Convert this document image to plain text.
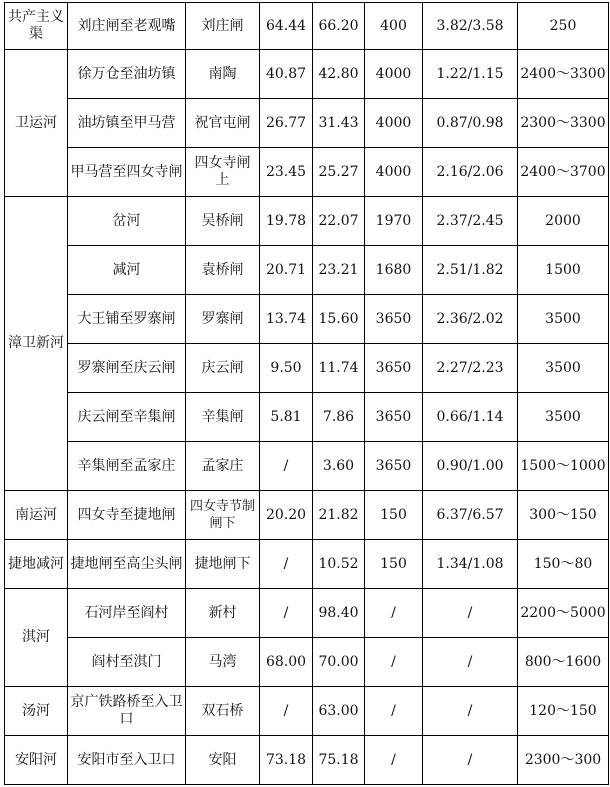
共产主义渠	刘庄闸至老观嘴	刘庄闸	64.44	66.20	400	3.82/3.58	250
卫运河	徐万仓至油坊镇	南陶	40.87	42.80	4000	1.22/1.15	2400～3300
	油坊镇至甲马营	祝官屯闸	26.77	31.43	4000	0.87/0.98	2300～3300
	甲马营至四女寺闸	四女寺闸上	23.45	25.27	4000	2.16/2.06	2400～3700
漳卫新河	岔河	吴桥闸	19.78	22.07	1970	2.37/2.45	2000
	减河	袁桥闸	20.71	23.21	1680	2.51/1.82	1500
	大王铺至罗寨闸	罗寨闸	13.74	15.60	3650	2.36/2.02	3500
	罗寨闸至庆云闸	庆云闸	9.50	11.74	3650	2.27/2.23	3500
	庆云闸至辛集闸	辛集闸	5.81	7.86	3650	0.66/1.14	3500
	辛集闸至孟家庄	孟家庄	/	3.60	3650	0.90/1.00	1500～1000
南运河	四女寺至捷地闸	四女寺节制闸下	20.20	21.82	150	6.37/6.57	300～150
捷地减河	捷地闸至高尘头闸	捷地闸下	/	10.52	150	1.34/1.08	150～80
淇河	石河岸至阎村	新村	/	98.40	/	/	2200～5000
	阎村至淇门	马湾	68.00	70.00	/	/	800～1600
汤河	京广铁路桥至入卫口	双石桥	/	63.00	/	/	120～150
安阳河	安阳市至入卫口	安阳	73.18	75.18	/	/	2300～300
